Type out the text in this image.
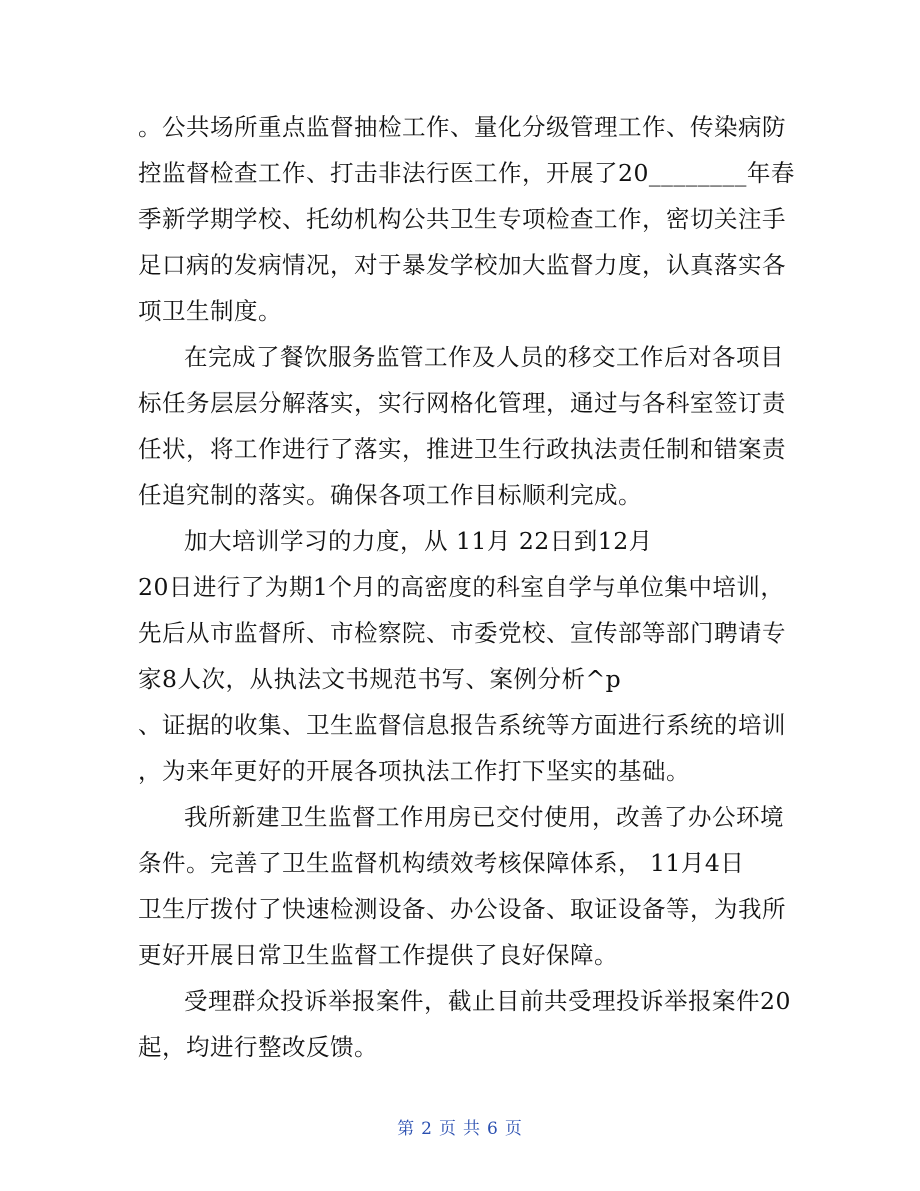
。公共场所重点监督抽检工作、量化分级管理工作、传染病防
控监督检查工作、打击非法行医工作，开展了20________年春
季新学期学校、托幼机构公共卫生专项检查工作，密切关注手
足口病的发病情况，对于暴发学校加大监督力度，认真落实各
项卫生制度。
在完成了餐饮服务监管工作及人员的移交工作后对各项目
标任务层层分解落实，实行网格化管理，通过与各科室签订责
任状，将工作进行了落实，推进卫生行政执法责任制和错案责
任追究制的落实。确保各项工作目标顺利完成。
加大培训学习的力度，从 11月 22日到12月
20日进行了为期1个月的高密度的科室自学与单位集中培训，
先后从市监督所、市检察院、市委党校、宣传部等部门聘请专
家8人次，从执法文书规范书写、案例分析^p
、证据的收集、卫生监督信息报告系统等方面进行系统的培训
，为来年更好的开展各项执法工作打下坚实的基础。
我所新建卫生监督工作用房已交付使用，改善了办公环境
条件。完善了卫生监督机构绩效考核保障体系， 11月4日
卫生厅拨付了快速检测设备、办公设备、取证设备等，为我所
更好开展日常卫生监督工作提供了良好保障。
受理群众投诉举报案件，截止目前共受理投诉举报案件20
起，均进行整改反馈。
第 2 页 共 6 页
